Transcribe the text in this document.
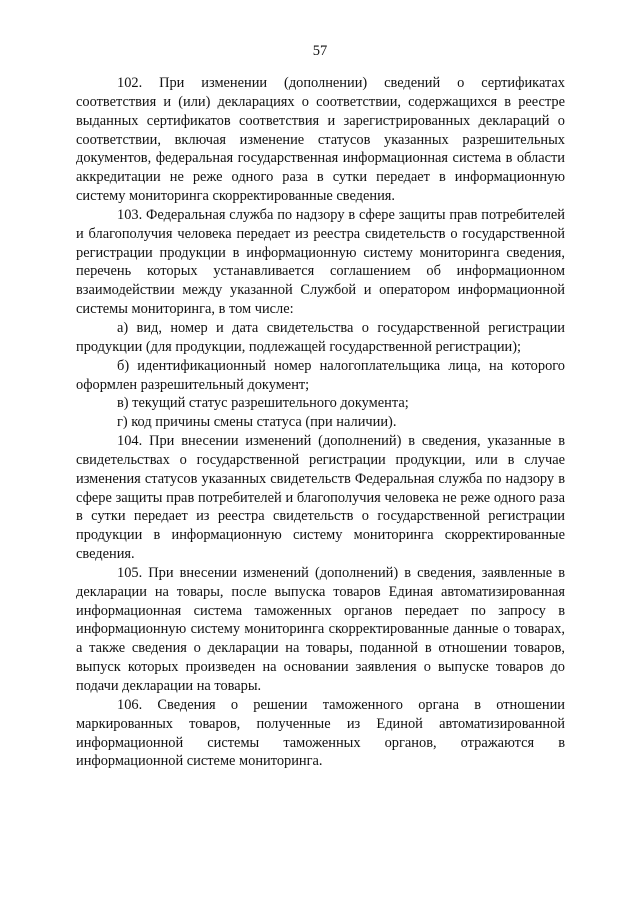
57

102. При изменении (дополнении) сведений о сертификатах соответствия и (или) декларациях о соответствии, содержащихся в реестре выданных сертификатов соответствия и зарегистрированных деклараций о соответствии, включая изменение статусов указанных разрешительных документов, федеральная государственная информационная система в области аккредитации не реже одного раза в сутки передает в информационную систему мониторинга скорректированные сведения.

103. Федеральная служба по надзору в сфере защиты прав потребителей и благополучия человека передает из реестра свидетельств о государственной регистрации продукции в информационную систему мониторинга сведения, перечень которых устанавливается соглашением об информационном взаимодействии между указанной Службой и оператором информационной системы мониторинга, в том числе:

а) вид, номер и дата свидетельства о государственной регистрации продукции (для продукции, подлежащей государственной регистрации);

б) идентификационный номер налогоплательщика лица, на которого оформлен разрешительный документ;

в) текущий статус разрешительного документа;

г) код причины смены статуса (при наличии).

104. При внесении изменений (дополнений) в сведения, указанные в свидетельствах о государственной регистрации продукции, или в случае изменения статусов указанных свидетельств Федеральная служба по надзору в сфере защиты прав потребителей и благополучия человека не реже одного раза в сутки передает из реестра свидетельств о государственной регистрации продукции в информационную систему мониторинга скорректированные сведения.

105. При внесении изменений (дополнений) в сведения, заявленные в декларации на товары, после выпуска товаров Единая автоматизированная информационная система таможенных органов передает по запросу в информационную систему мониторинга скорректированные данные о товарах, а также сведения о декларации на товары, поданной в отношении товаров, выпуск которых произведен на основании заявления о выпуске товаров до подачи декларации на товары.

106. Сведения о решении таможенного органа в отношении маркированных товаров, полученные из Единой автоматизированной информационной системы таможенных органов, отражаются в информационной системе мониторинга.
